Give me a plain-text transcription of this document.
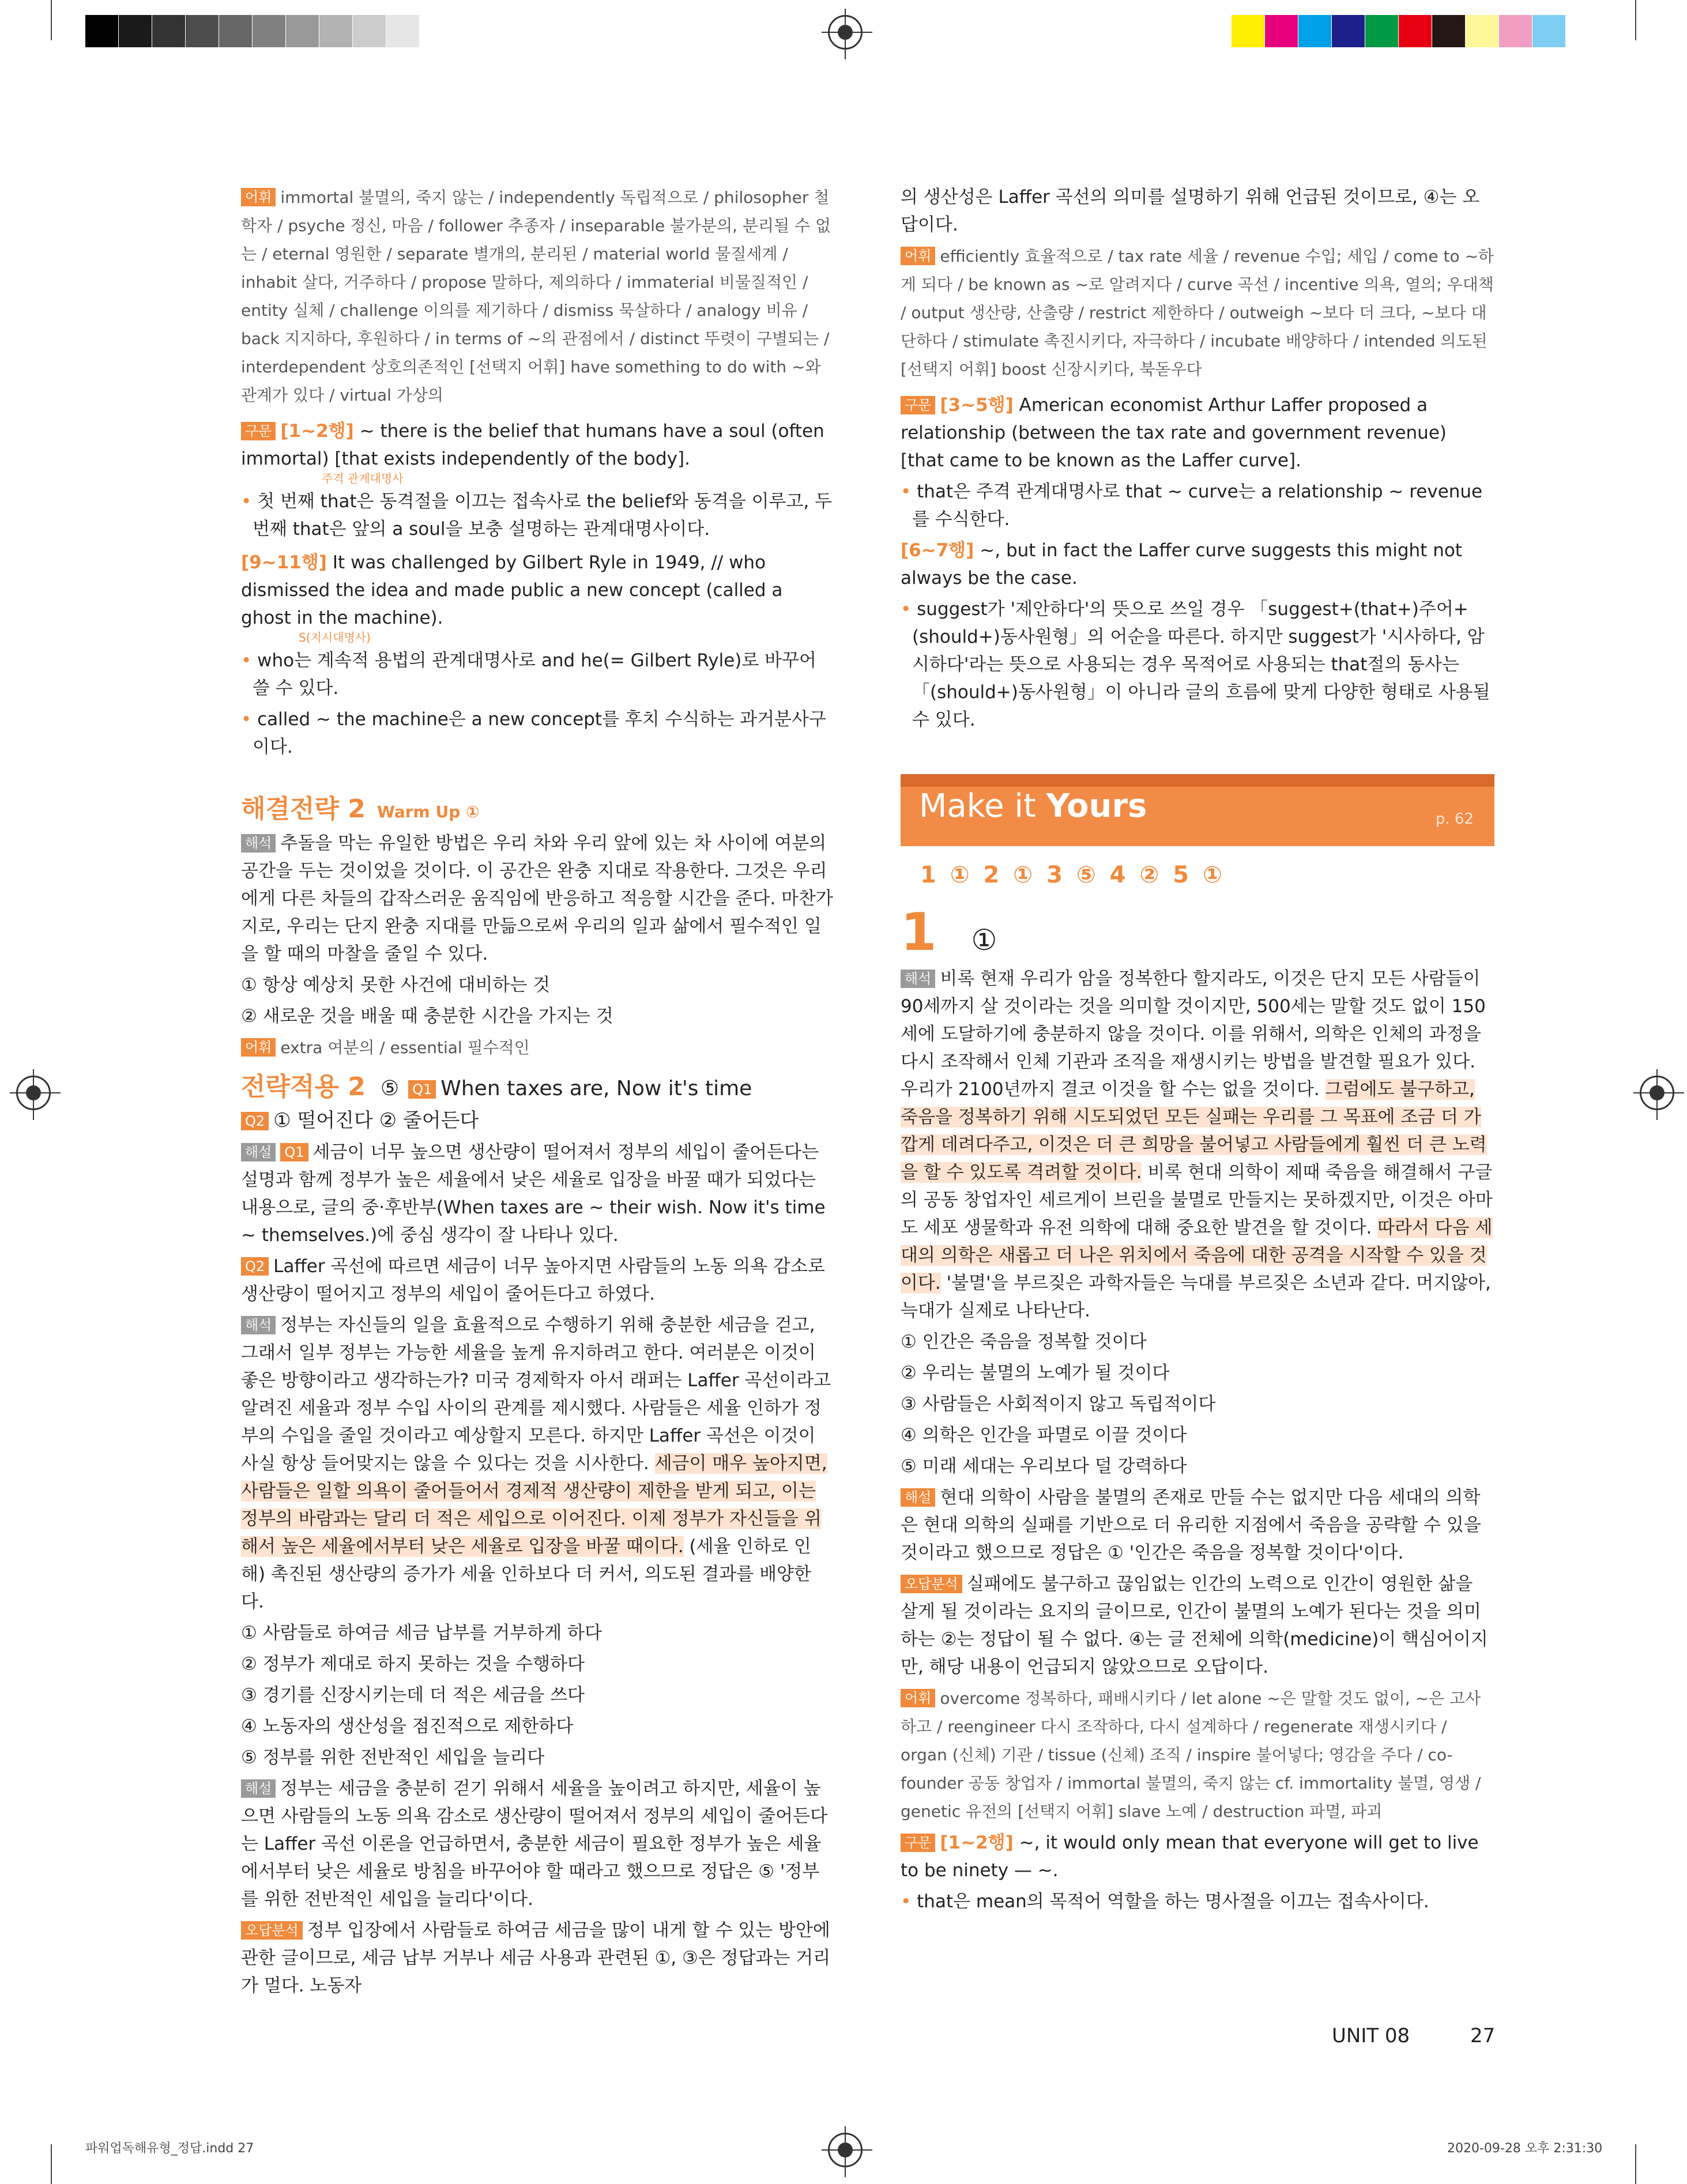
어휘 immortal 불멸의, 죽지 않는 / independently 독립적으로 / philosopher 철학자 / psyche 정신, 마음 / follower 추종자 / inseparable 불가분의, 분리될 수 없는 / eternal 영원한 / separate 별개의, 분리된 / material world 물질세계 / inhabit 살다, 거주하다 / propose 말하다, 제의하다 / immaterial 비물질적인 / entity 실체 / challenge 이의를 제기하다 / dismiss 묵살하다 / analogy 비유 / back 지지하다, 후원하다 / in terms of ~의 관점에서 / distinct 뚜렷이 구별되는 / interdependent 상호의존적인 [선택지 어휘] have something to do with ~와 관계가 있다 / virtual 가상의

구문 [1~2행] ~ there is the belief that humans have a soul (often immortal) [that exists independently of the body].

주격 관계대명사

• 첫 번째 that은 동격절을 이끄는 접속사로 the belief와 동격을 이루고, 두 번째 that은 앞의 a soul을 보충 설명하는 관계대명사이다.

[9~11행] It was challenged by Gilbert Ryle in 1949, // who dismissed the idea and made public a new concept (called a ghost in the machine).

S(지시대명사)

• who는 계속적 용법의 관계대명사로 and he(= Gilbert Ryle)로 바꾸어 쓸 수 있다.

• called ~ the machine은 a new concept를 후치 수식하는 과거분사구이다.

해결전략 2 Warm Up ①

해석 추돌을 막는 유일한 방법은 우리 차와 우리 앞에 있는 차 사이에 여분의 공간을 두는 것이었을 것이다. 이 공간은 완충 지대로 작용한다. 그것은 우리에게 다른 차들의 갑작스러운 움직임에 반응하고 적응할 시간을 준다. 마찬가지로, 우리는 단지 완충 지대를 만듦으로써 우리의 일과 삶에서 필수적인 일을 할 때의 마찰을 줄일 수 있다.

① 항상 예상치 못한 사건에 대비하는 것

② 새로운 것을 배울 때 충분한 시간을 가지는 것

어휘 extra 여분의 / essential 필수적인

전략적용 2 ⑤ Q1 When taxes are, Now it's time

Q2 ① 떨어진다 ② 줄어든다

해설 Q1 세금이 너무 높으면 생산량이 떨어져서 정부의 세입이 줄어든다는 설명과 함께 정부가 높은 세율에서 낮은 세율로 입장을 바꿀 때가 되었다는 내용으로, 글의 중·후반부(When taxes are ~ their wish. Now it's time ~ themselves.)에 중심 생각이 잘 나타나 있다.

Q2 Laffer 곡선에 따르면 세금이 너무 높아지면 사람들의 노동 의욕 감소로 생산량이 떨어지고 정부의 세입이 줄어든다고 하였다.

해석 정부는 자신들의 일을 효율적으로 수행하기 위해 충분한 세금을 걷고, 그래서 일부 정부는 가능한 세율을 높게 유지하려고 한다. 여러분은 이것이 좋은 방향이라고 생각하는가? 미국 경제학자 아서 래퍼는 Laffer 곡선이라고 알려진 세율과 정부 수입 사이의 관계를 제시했다. 사람들은 세율 인하가 정부의 수입을 줄일 것이라고 예상할지 모른다. 하지만 Laffer 곡선은 이것이 사실 항상 들어맞지는 않을 수 있다는 것을 시사한다. 세금이 매우 높아지면, 사람들은 일할 의욕이 줄어들어서 경제적 생산량이 제한을 받게 되고, 이는 정부의 바람과는 달리 더 적은 세입으로 이어진다. 이제 정부가 자신들을 위해서 높은 세율에서부터 낮은 세율로 입장을 바꿀 때이다. (세율 인하로 인해) 촉진된 생산량의 증가가 세율 인하보다 더 커서, 의도된 결과를 배양한다.

① 사람들로 하여금 세금 납부를 거부하게 하다

② 정부가 제대로 하지 못하는 것을 수행하다

③ 경기를 신장시키는데 더 적은 세금을 쓰다

④ 노동자의 생산성을 점진적으로 제한하다

⑤ 정부를 위한 전반적인 세입을 늘리다

해설 정부는 세금을 충분히 걷기 위해서 세율을 높이려고 하지만, 세율이 높으면 사람들의 노동 의욕 감소로 생산량이 떨어져서 정부의 세입이 줄어든다는 Laffer 곡선 이론을 언급하면서, 충분한 세금이 필요한 정부가 높은 세율에서부터 낮은 세율로 방침을 바꾸어야 할 때라고 했으므로 정답은 ⑤ '정부를 위한 전반적인 세입을 늘리다'이다.

오답분석 정부 입장에서 사람들로 하여금 세금을 많이 내게 할 수 있는 방안에 관한 글이므로, 세금 납부 거부나 세금 사용과 관련된 ①, ③은 정답과는 거리가 멀다. 노동자

의 생산성은 Laffer 곡선의 의미를 설명하기 위해 언급된 것이므로, ④는 오답이다.

어휘 efficiently 효율적으로 / tax rate 세율 / revenue 수입; 세입 / come to ~하게 되다 / be known as ~로 알려지다 / curve 곡선 / incentive 의욕, 열의; 우대책 / output 생산량, 산출량 / restrict 제한하다 / outweigh ~보다 더 크다, ~보다 대단하다 / stimulate 촉진시키다, 자극하다 / incubate 배양하다 / intended 의도된 [선택지 어휘] boost 신장시키다, 북돋우다

구문 [3~5행] American economist Arthur Laffer proposed a relationship (between the tax rate and government revenue) [that came to be known as the Laffer curve].

• that은 주격 관계대명사로 that ~ curve는 a relationship ~ revenue를 수식한다.

[6~7행] ~, but in fact the Laffer curve suggests this might not always be the case.

• suggest가 '제안하다'의 뜻으로 쓰일 경우 「suggest+(that+)주어+(should+)동사원형」의 어순을 따른다. 하지만 suggest가 '시사하다, 암시하다'라는 뜻으로 사용되는 경우 목적어로 사용되는 that절의 동사는 「(should+)동사원형」이 아니라 글의 흐름에 맞게 다양한 형태로 사용될 수 있다.

Make it Yours	p. 62
1 ① 2 ① 3 ⑤ 4 ② 5 ①

1 ①

해석 비록 현재 우리가 암을 정복한다 할지라도, 이것은 단지 모든 사람들이 90세까지 살 것이라는 것을 의미할 것이지만, 500세는 말할 것도 없이 150세에 도달하기에 충분하지 않을 것이다. 이를 위해서, 의학은 인체의 과정을 다시 조작해서 인체 기관과 조직을 재생시키는 방법을 발견할 필요가 있다. 우리가 2100년까지 결코 이것을 할 수는 없을 것이다. 그럼에도 불구하고, 죽음을 정복하기 위해 시도되었던 모든 실패는 우리를 그 목표에 조금 더 가깝게 데려다주고, 이것은 더 큰 희망을 불어넣고 사람들에게 훨씬 더 큰 노력을 할 수 있도록 격려할 것이다. 비록 현대 의학이 제때 죽음을 해결해서 구글의 공동 창업자인 세르게이 브린을 불멸로 만들지는 못하겠지만, 이것은 아마도 세포 생물학과 유전 의학에 대해 중요한 발견을 할 것이다. 따라서 다음 세대의 의학은 새롭고 더 나은 위치에서 죽음에 대한 공격을 시작할 수 있을 것이다. '불멸'을 부르짖은 과학자들은 늑대를 부르짖은 소년과 같다. 머지않아, 늑대가 실제로 나타난다.

① 인간은 죽음을 정복할 것이다

② 우리는 불멸의 노예가 될 것이다

③ 사람들은 사회적이지 않고 독립적이다

④ 의학은 인간을 파멸로 이끌 것이다

⑤ 미래 세대는 우리보다 덜 강력하다

해설 현대 의학이 사람을 불멸의 존재로 만들 수는 없지만 다음 세대의 의학은 현대 의학의 실패를 기반으로 더 유리한 지점에서 죽음을 공략할 수 있을 것이라고 했으므로 정답은 ① '인간은 죽음을 정복할 것이다'이다.

오답분석 실패에도 불구하고 끊임없는 인간의 노력으로 인간이 영원한 삶을 살게 될 것이라는 요지의 글이므로, 인간이 불멸의 노예가 된다는 것을 의미하는 ②는 정답이 될 수 없다. ④는 글 전체에 의학(medicine)이 핵심어이지만, 해당 내용이 언급되지 않았으므로 오답이다.

어휘 overcome 정복하다, 패배시키다 / let alone ~은 말할 것도 없이, ~은 고사하고 / reengineer 다시 조작하다, 다시 설계하다 / regenerate 재생시키다 / organ (신체) 기관 / tissue (신체) 조직 / inspire 불어넣다; 영감을 주다 / co-founder 공동 창업자 / immortal 불멸의, 죽지 않는 cf. immortality 불멸, 영생 / genetic 유전의 [선택지 어휘] slave 노예 / destruction 파멸, 파괴

구문 [1~2행] ~, it would only mean that everyone will get to live to be ninety — ~.

• that은 mean의 목적어 역할을 하는 명사절을 이끄는 접속사이다.

UNIT 08	27
파워업독해유형_정답.indd 27	2020-09-28 오후 2:31:30
